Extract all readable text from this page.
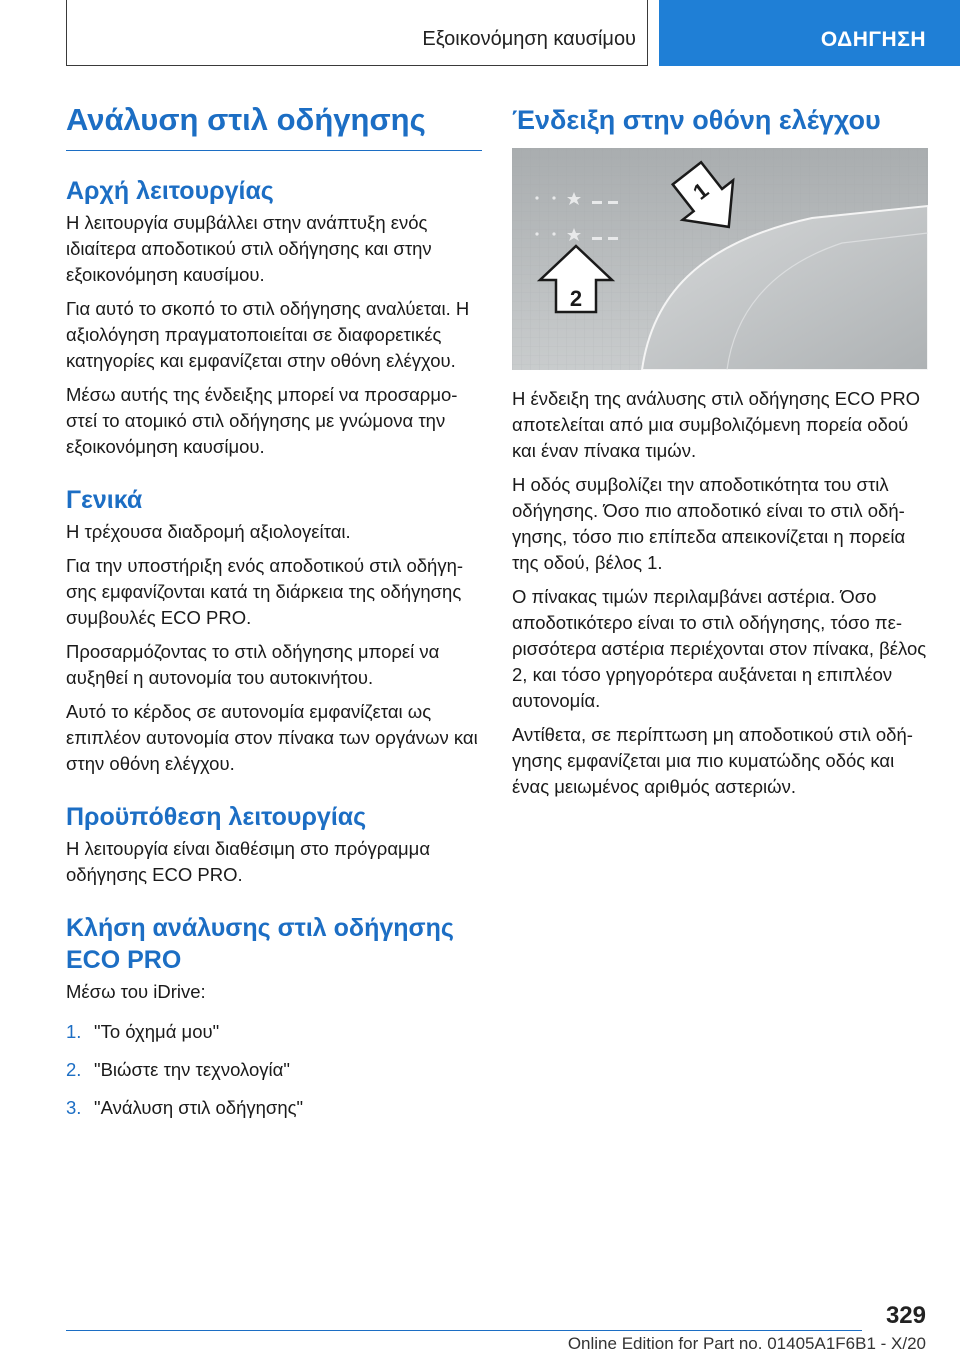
Εξοικονόμηση καυσίμου	ΟΔΗΓΗΣΗ
Ανάλυση στιλ οδήγησης
Αρχή λειτουργίας
Η λειτουργία συμβάλλει στην ανάπτυξη ενός ιδιαίτερα αποδοτικού στιλ οδήγησης και στην εξοικονόμηση καυσίμου.
Για αυτό το σκοπό το στιλ οδήγησης αναλύεται. Η αξιολόγηση πραγματοποιείται σε διαφορετικές κατηγορίες και εμφανίζεται στην οθόνη ελέγχου.
Μέσω αυτής της ένδειξης μπορεί να προσαρμοστεί το ατομικό στιλ οδήγησης με γνώμονα την εξοικονόμηση καυσίμου.
Γενικά
Η τρέχουσα διαδρομή αξιολογείται.
Για την υποστήριξη ενός αποδοτικού στιλ οδήγησης εμφανίζονται κατά τη διάρκεια της οδήγησης συμβουλές ECO PRO.
Προσαρμόζοντας το στιλ οδήγησης μπορεί να αυξηθεί η αυτονομία του αυτοκινήτου.
Αυτό το κέρδος σε αυτονομία εμφανίζεται ως επιπλέον αυτονομία στον πίνακα των οργάνων και στην οθόνη ελέγχου.
Προϋπόθεση λειτουργίας
Η λειτουργία είναι διαθέσιμη στο πρόγραμμα οδήγησης ECO PRO.
Κλήση ανάλυσης στιλ οδήγησης ECO PRO
Μέσω του iDrive:
1. "Το όχημά μου"
2. "Βιώστε την τεχνολογία"
3. "Ανάλυση στιλ οδήγησης"
Ένδειξη στην οθόνη ελέγχου
1
2
Η ένδειξη της ανάλυσης στιλ οδήγησης ECO PRO αποτελείται από μια συμβολιζόμενη πορεία οδού και έναν πίνακα τιμών.
Η οδός συμβολίζει την αποδοτικότητα του στιλ οδήγησης. Όσο πιο αποδοτικό είναι το στιλ οδήγησης, τόσο πιο επίπεδα απεικονίζεται η πορεία της οδού, βέλος 1.
Ο πίνακας τιμών περιλαμβάνει αστέρια. Όσο αποδοτικότερο είναι το στιλ οδήγησης, τόσο περισσότερα αστέρια περιέχονται στον πίνακα, βέλος 2, και τόσο γρηγορότερα αυξάνεται η επιπλέον αυτονομία.
Αντίθετα, σε περίπτωση μη αποδοτικού στιλ οδήγησης εμφανίζεται μια πιο κυματώδης οδός και ένας μειωμένος αριθμός αστεριών.
329
Online Edition for Part no. 01405A1F6B1 - X/20
